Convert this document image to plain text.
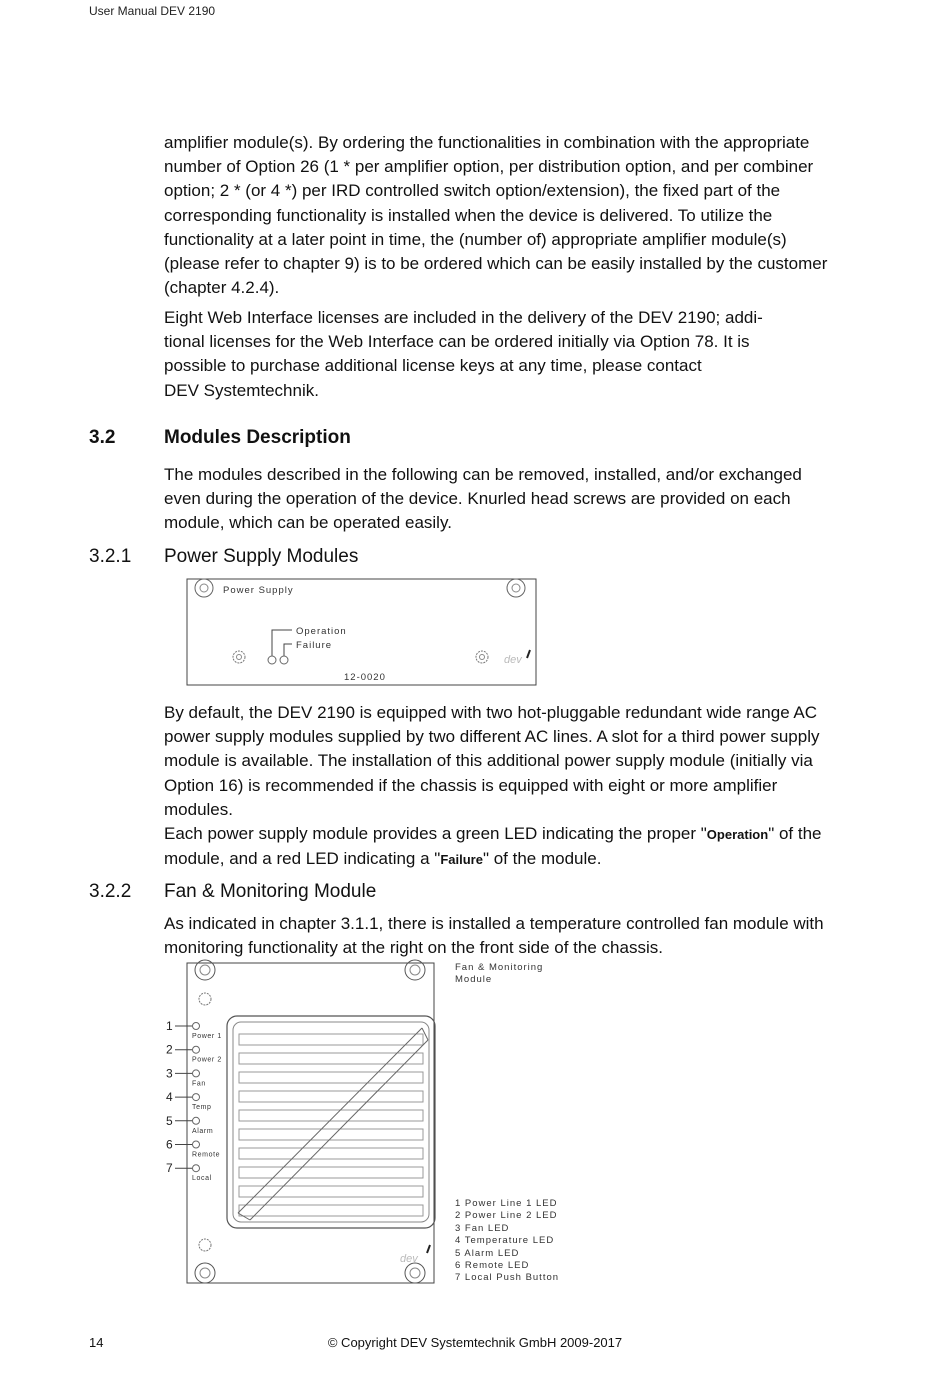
User Manual DEV 2190
amplifier module(s). By ordering the functionalities in combination with the appropriate number of Option 26 (1 * per amplifier option, per distribution option, and per combiner option; 2 * (or 4 *) per IRD controlled switch option/extension), the fixed part of the corresponding functionality is installed when the device is delivered. To utilize the functionality at a later point in time, the (number of) appropriate amplifier module(s) (please refer to chapter 9) is to be ordered which can be easily installed by the customer (chapter 4.2.4).
Eight Web Interface licenses are included in the delivery of the DEV 2190; addi-
tional licenses for the Web Interface can be ordered initially via Option 78. It is
possible to purchase additional license keys at any time, please contact
DEV Systemtechnik.
3.2	Modules Description
The modules described in the following can be removed, installed, and/or exchanged even during the operation of the device. Knurled head screws are provided on each module, which can be operated easily.
3.2.1 Power Supply Modules
Power Supply
Operation
Failure
dev
12-0020
By default, the DEV 2190 is equipped with two hot-pluggable redundant wide range AC power supply modules supplied by two different AC lines. A slot for a third power supply module is available. The installation of this additional power supply module (initially via Option 16) is recommended if the chassis is equipped with eight or more amplifier modules.
Each power supply module provides a green LED indicating the proper "Operation" of the module, and a red LED indicating a "Failure" of the module.
3.2.2 Fan & Monitoring Module
As indicated in chapter 3.1.1, there is installed a temperature controlled fan module with monitoring functionality at the right on the front side of the chassis.
1
Power 1
2
Power 2
3
Fan
4
Temp
5
Alarm
6
Remote
7
Local
dev
Fan & Monitoring
Module
1 Power Line 1 LED
2 Power Line 2 LED
3 Fan LED
4 Temperature LED
5 Alarm LED
6 Remote LED
7 Local Push Button
14	© Copyright DEV Systemtechnik GmbH 2009-2017
